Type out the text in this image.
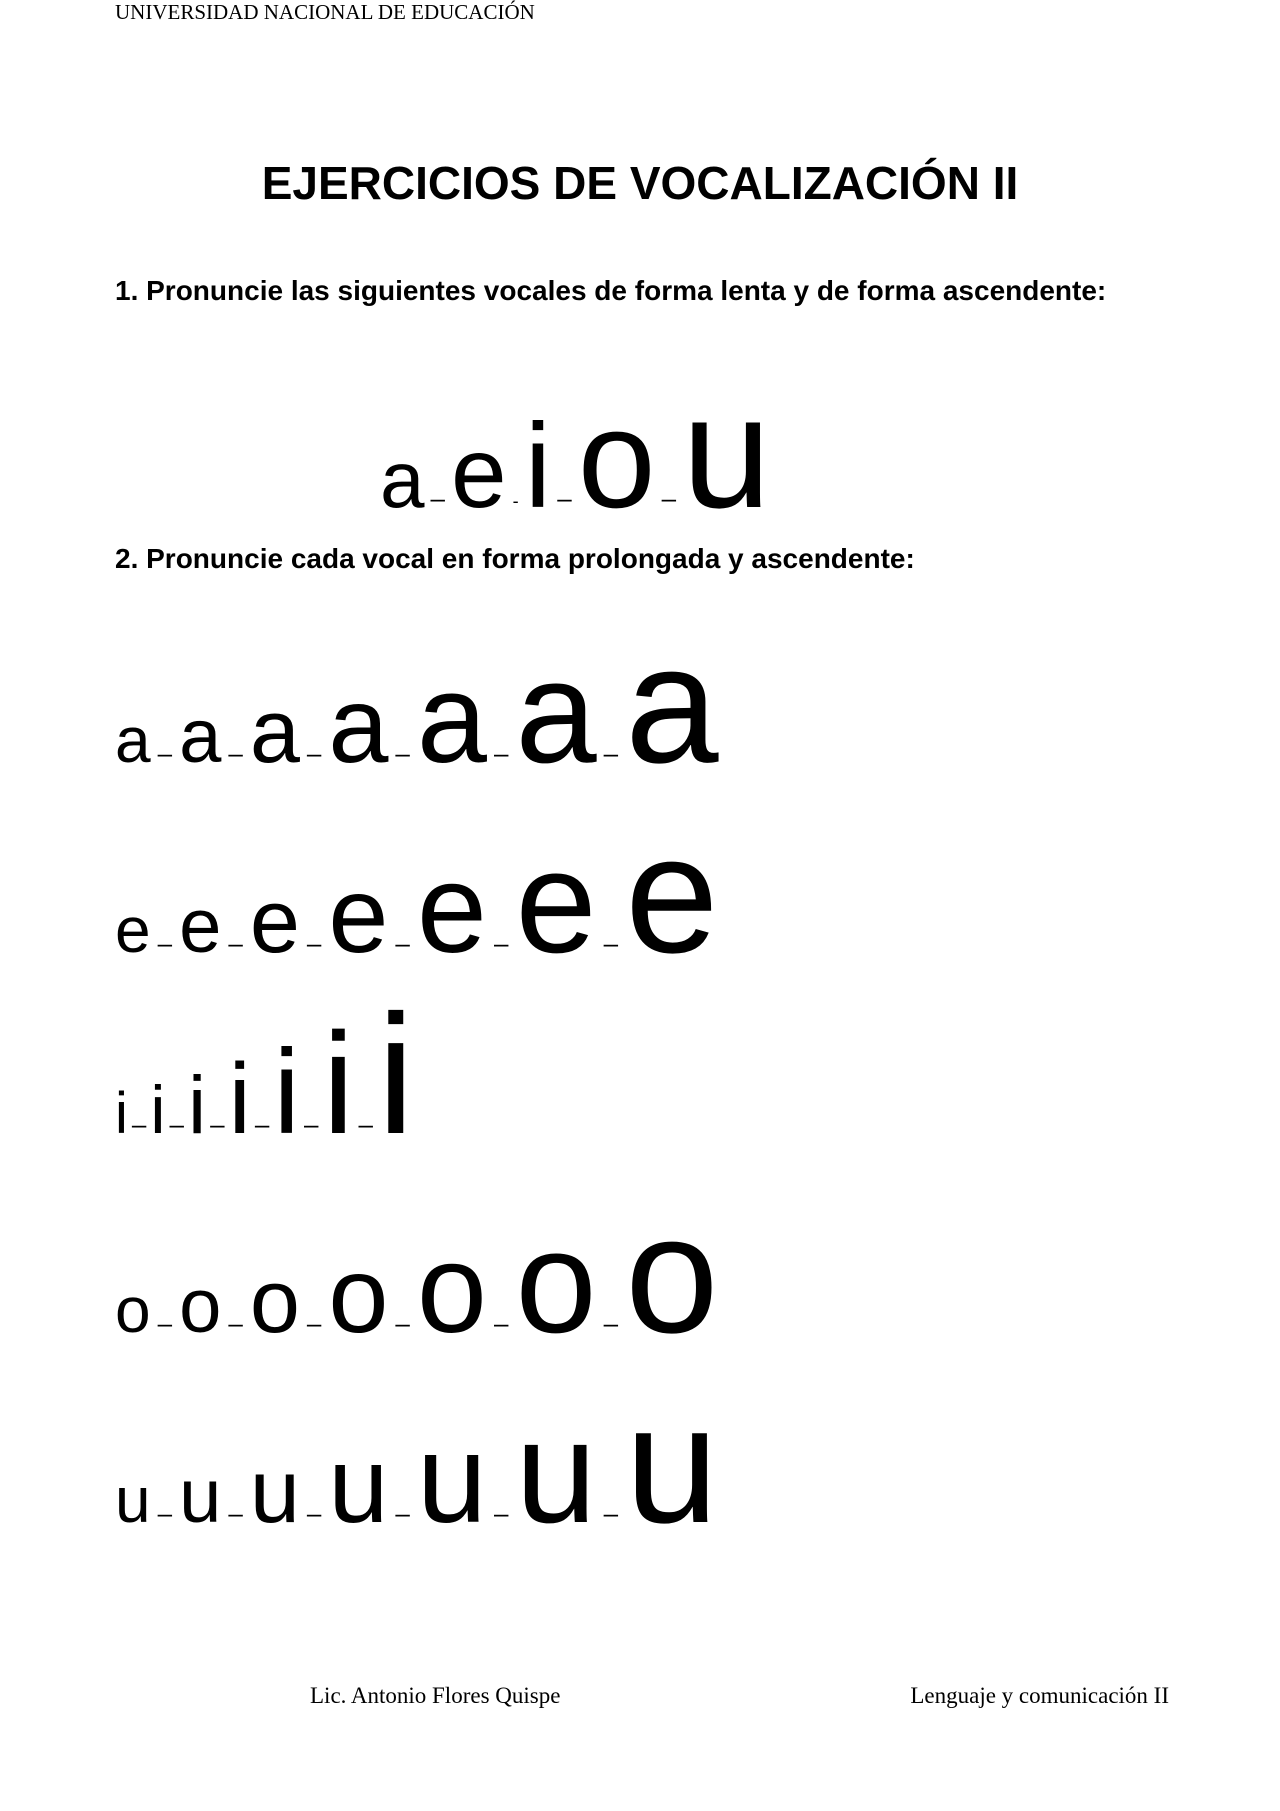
UNIVERSIDAD NACIONAL DE EDUCACIÓN
EJERCICIOS DE VOCALIZACIÓN II
1. Pronuncie las siguientes vocales de forma lenta y de forma ascendente:
a – e - i – o – u
2. Pronuncie cada vocal en forma prolongada y ascendente:
a – a – a – a – a – a – a
e – e – e – e – e – e – e
i – i – i – i – i – i – i
o – o – o – o – o – o – o
u – u – u – u – u – u – u
Lic. Antonio Flores Quispe	Lenguaje y comunicación II
